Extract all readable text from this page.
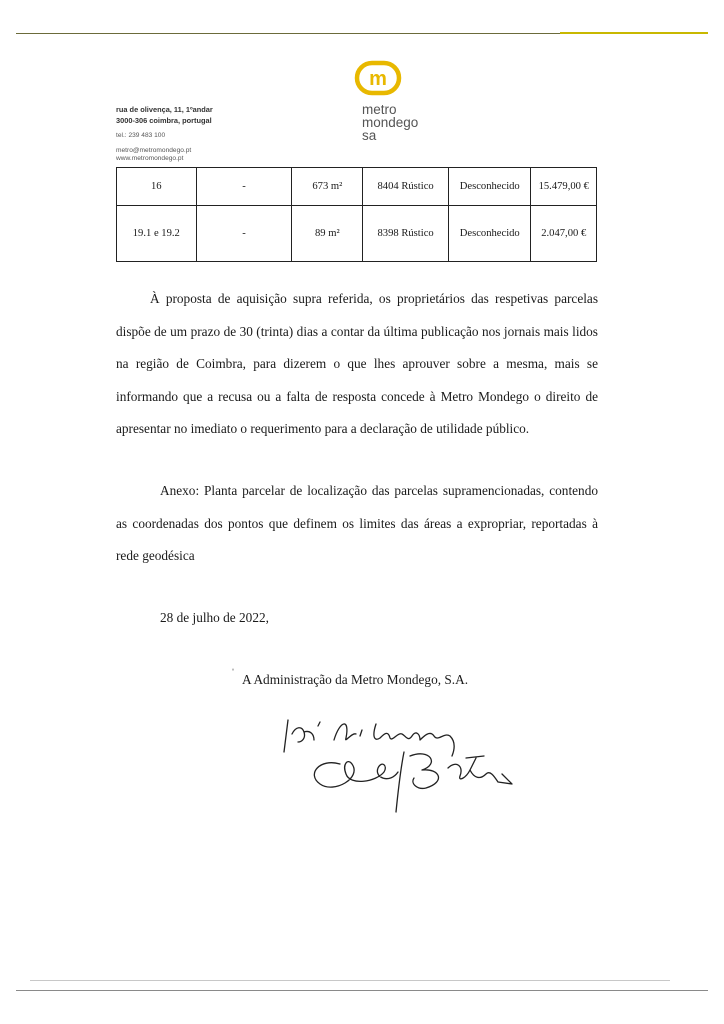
rua de olivença, 11, 1ºandar
3000-306 coimbra, portugal
tel.: 239 483 100
metro@metromondego.pt
www.metromondego.pt
m
metro
mondego
sa
16	-	673 m²	8404 Rústico	Desconhecido	15.479,00 €
19.1 e 19.2	-	89 m²	8398 Rústico	Desconhecido	2.047,00 €
À proposta de aquisição supra referida, os proprietários das respetivas parcelas dispõe de um prazo de 30 (trinta) dias a contar da última publicação nos jornais mais lidos na região de Coimbra, para dizerem o que lhes aprouver sobre a mesma, mais se informando que a recusa ou a falta de resposta concede à Metro Mondego o direito de apresentar no imediato o requerimento para a declaração de utilidade público.
Anexo: Planta parcelar de localização das parcelas supramencionadas, contendo as coordenadas dos pontos que definem os limites das áreas a expropriar, reportadas à rede geodésica
28 de julho de 2022,
ˈ A Administração da Metro Mondego, S.A.
